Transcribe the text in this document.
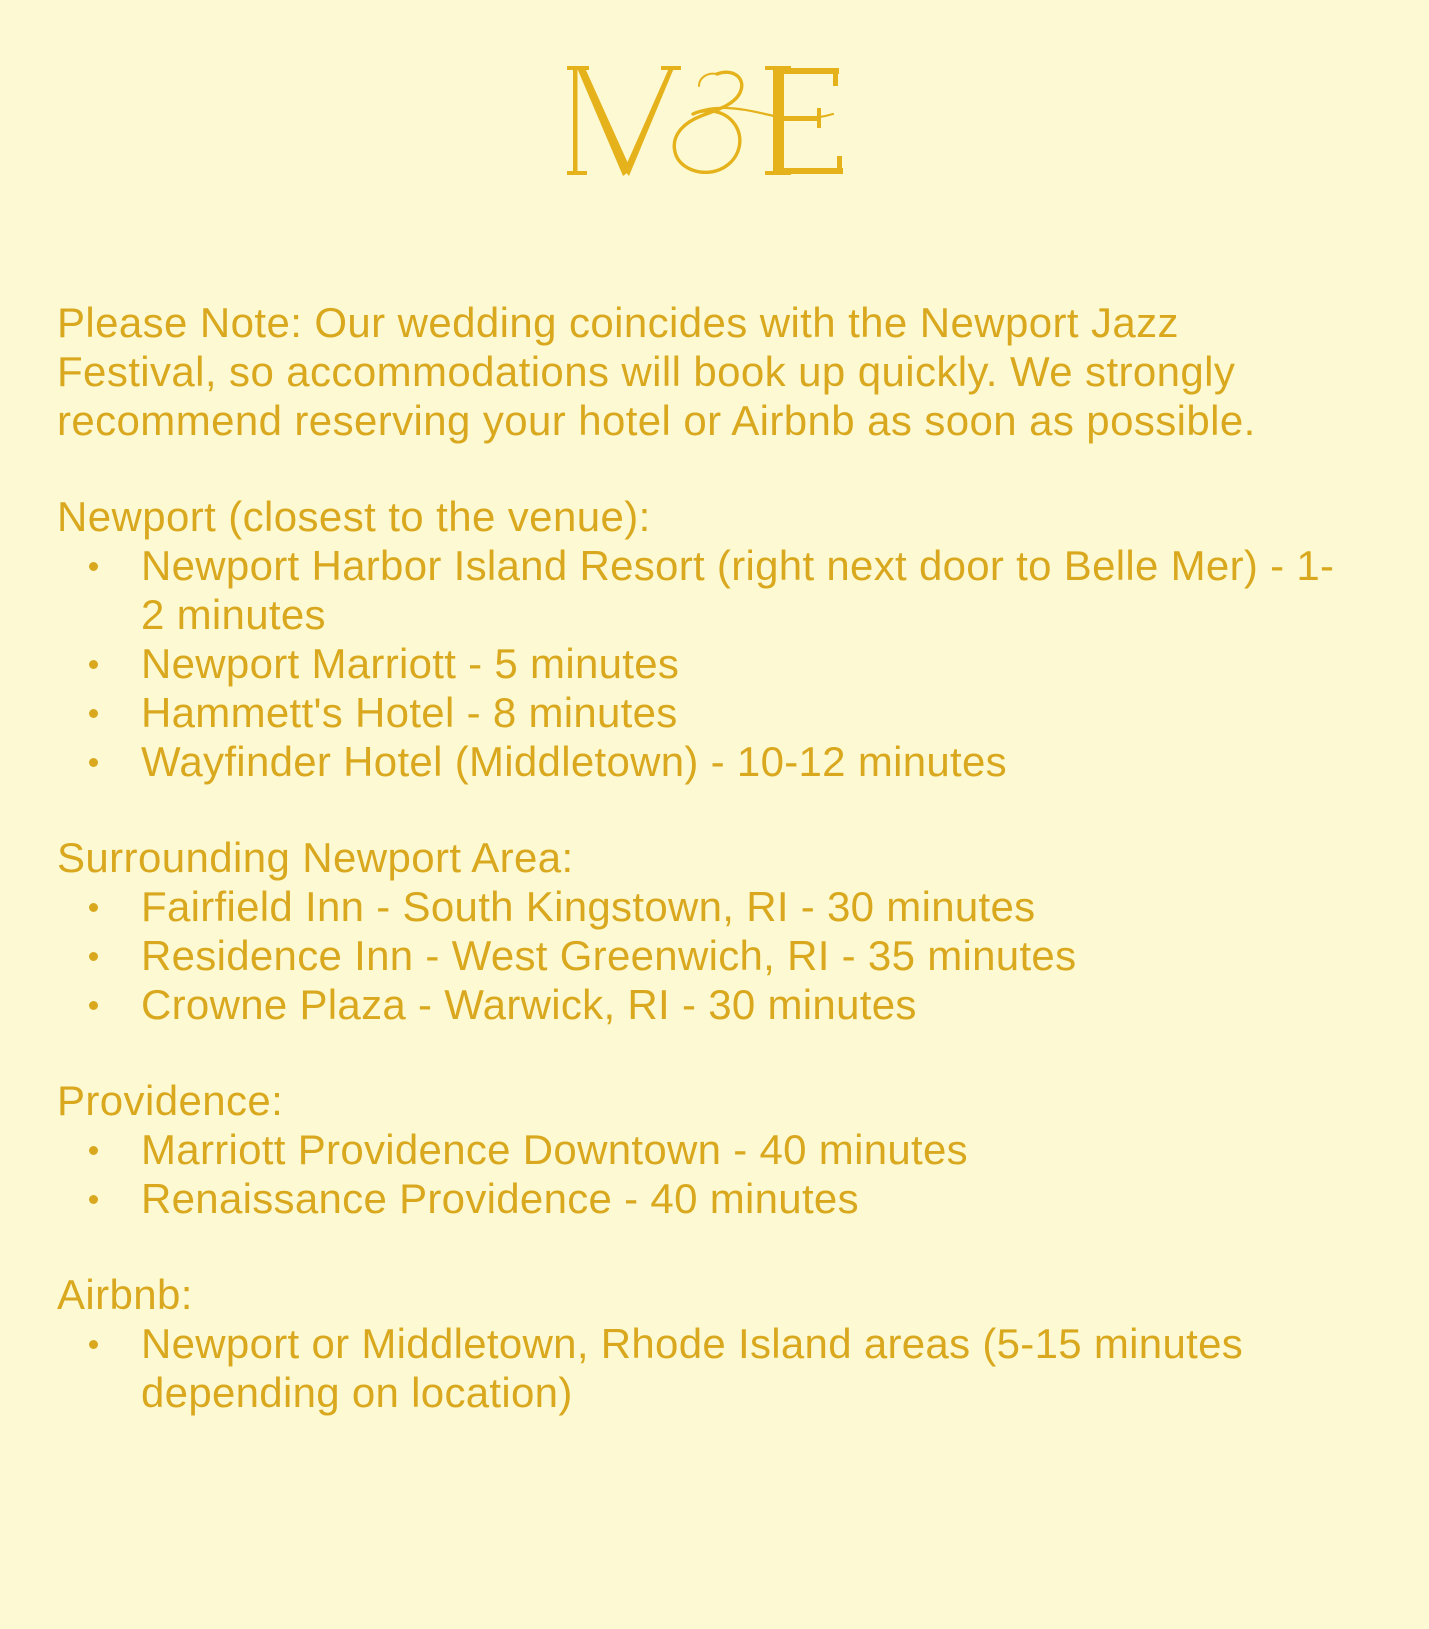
Please Note: Our wedding coincides with the Newport Jazz Festival, so accommodations will book up quickly. We strongly recommend reserving your hotel or Airbnb as soon as possible.

Newport (closest to the venue):
Newport Harbor Island Resort (right next door to Belle Mer) - 1-2 minutes
Newport Marriott - 5 minutes
Hammett's Hotel - 8 minutes
Wayfinder Hotel (Middletown) - 10-12 minutes
Surrounding Newport Area:
Fairfield Inn - South Kingstown, RI - 30 minutes
Residence Inn - West Greenwich, RI - 35 minutes
Crowne Plaza - Warwick, RI - 30 minutes
Providence:
Marriott Providence Downtown - 40 minutes
Renaissance Providence - 40 minutes
Airbnb:
Newport or Middletown, Rhode Island areas (5-15 minutes depending on location)
